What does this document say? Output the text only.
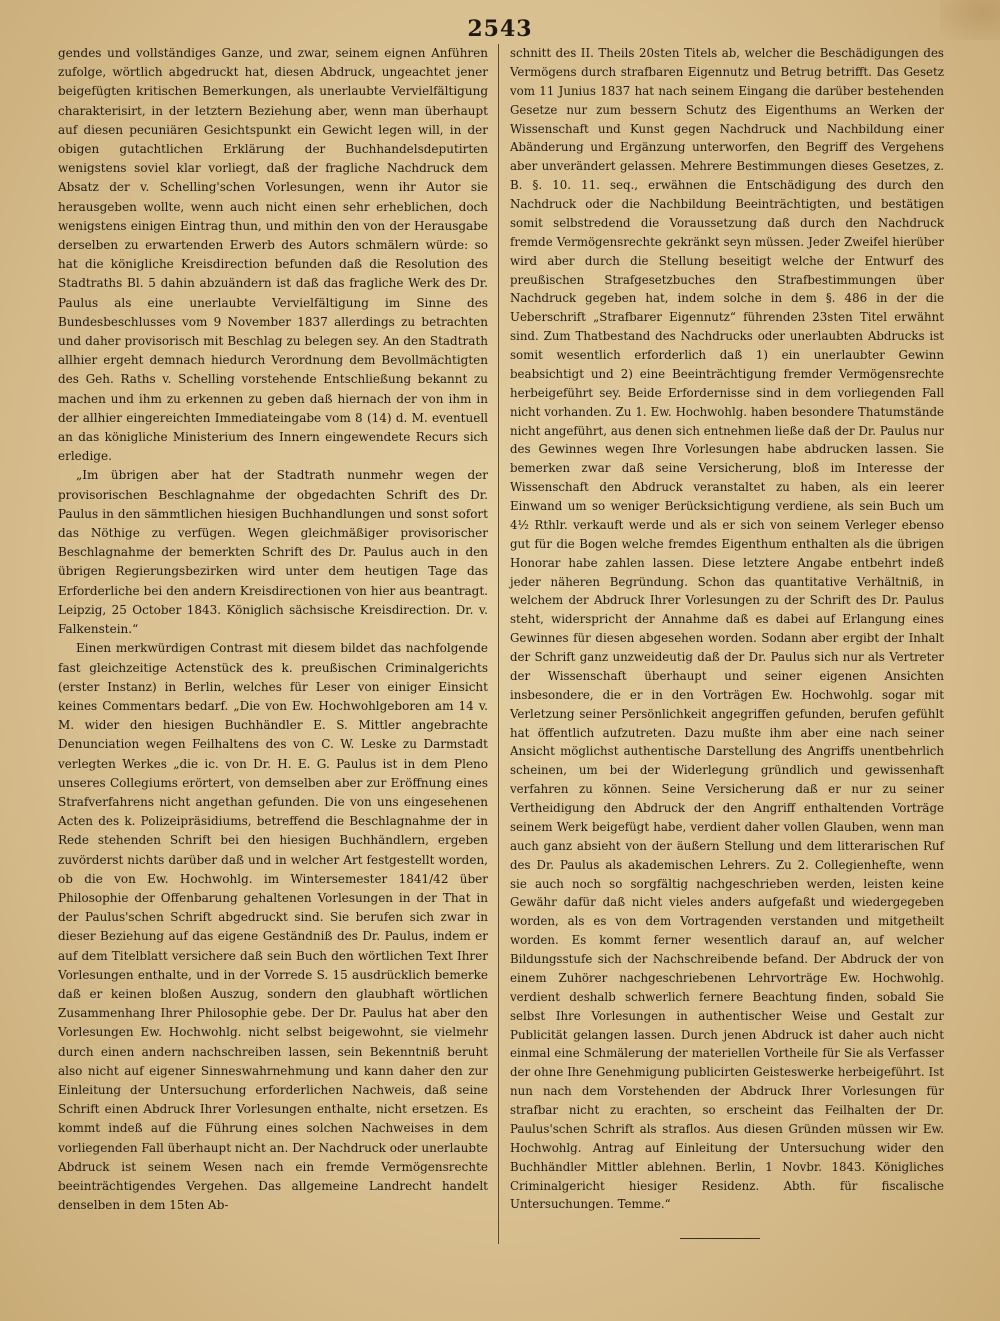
2543

gendes und vollständiges Ganze, und zwar, seinem eignen Anführen zufolge, wörtlich abgedruckt hat, diesen Abdruck, ungeachtet jener beigefügten kritischen Bemerkungen, als unerlaubte Vervielfältigung charakterisirt, in der letztern Beziehung aber, wenn man überhaupt auf diesen pecuniären Gesichtspunkt ein Gewicht legen will, in der obigen gutachtlichen Erklärung der Buchhandelsdeputirten wenigstens soviel klar vorliegt, daß der fragliche Nachdruck dem Absatz der v. Schelling'schen Vorlesungen, wenn ihr Autor sie herausgeben wollte, wenn auch nicht einen sehr erheblichen, doch wenigstens einigen Eintrag thun, und mithin den von der Herausgabe derselben zu erwartenden Erwerb des Autors schmälern würde: so hat die königliche Kreisdirection befunden daß die Resolution des Stadtraths Bl. 5 dahin abzuändern ist daß das fragliche Werk des Dr. Paulus als eine unerlaubte Vervielfältigung im Sinne des Bundesbeschlusses vom 9 November 1837 allerdings zu betrachten und daher provisorisch mit Beschlag zu belegen sey. An den Stadtrath allhier ergeht demnach hiedurch Verordnung dem Bevollmächtigten des Geh. Raths v. Schelling vorstehende Entschließung bekannt zu machen und ihm zu erkennen zu geben daß hiernach der von ihm in der allhier eingereichten Immediateingabe vom 8 (14) d. M. eventuell an das königliche Ministerium des Innern eingewendete Recurs sich erledige.

„Im übrigen aber hat der Stadtrath nunmehr wegen der provisorischen Beschlagnahme der obgedachten Schrift des Dr. Paulus in den sämmtlichen hiesigen Buchhandlungen und sonst sofort das Nöthige zu verfügen. Wegen gleichmäßiger provisorischer Beschlagnahme der bemerkten Schrift des Dr. Paulus auch in den übrigen Regierungsbezirken wird unter dem heutigen Tage das Erforderliche bei den andern Kreisdirectionen von hier aus beantragt. Leipzig, 25 October 1843. Königlich sächsische Kreisdirection. Dr. v. Falkenstein.“

Einen merkwürdigen Contrast mit diesem bildet das nachfolgende fast gleichzeitige Actenstück des k. preußischen Criminalgerichts (erster Instanz) in Berlin, welches für Leser von einiger Einsicht keines Commentars bedarf. „Die von Ew. Hochwohlgeboren am 14 v. M. wider den hiesigen Buchhändler E. S. Mittler angebrachte Denunciation wegen Feilhaltens des von C. W. Leske zu Darmstadt verlegten Werkes „die ic. von Dr. H. E. G. Paulus ist in dem Pleno unseres Collegiums erörtert, von demselben aber zur Eröffnung eines Strafverfahrens nicht angethan gefunden. Die von uns eingesehenen Acten des k. Polizeipräsidiums, betreffend die Beschlagnahme der in Rede stehenden Schrift bei den hiesigen Buchhändlern, ergeben zuvörderst nichts darüber daß und in welcher Art festgestellt worden, ob die von Ew. Hochwohlg. im Wintersemester 1841/42 über Philosophie der Offenbarung gehaltenen Vorlesungen in der That in der Paulus'schen Schrift abgedruckt sind. Sie berufen sich zwar in dieser Beziehung auf das eigene Geständniß des Dr. Paulus, indem er auf dem Titelblatt versichere daß sein Buch den wörtlichen Text Ihrer Vorlesungen enthalte, und in der Vorrede S. 15 ausdrücklich bemerke daß er keinen bloßen Auszug, sondern den glaubhaft wörtlichen Zusammenhang Ihrer Philosophie gebe. Der Dr. Paulus hat aber den Vorlesungen Ew. Hochwohlg. nicht selbst beigewohnt, sie vielmehr durch einen andern nachschreiben lassen, sein Bekenntniß beruht also nicht auf eigener Sinneswahrnehmung und kann daher den zur Einleitung der Untersuchung erforderlichen Nachweis, daß seine Schrift einen Abdruck Ihrer Vorlesungen enthalte, nicht ersetzen. Es kommt indeß auf die Führung eines solchen Nachweises in dem vorliegenden Fall überhaupt nicht an. Der Nachdruck oder unerlaubte Abdruck ist seinem Wesen nach ein fremde Vermögensrechte beeinträchtigendes Vergehen. Das allgemeine Landrecht handelt denselben in dem 15ten Ab-

schnitt des II. Theils 20sten Titels ab, welcher die Beschädigungen des Vermögens durch strafbaren Eigennutz und Betrug betrifft. Das Gesetz vom 11 Junius 1837 hat nach seinem Eingang die darüber bestehenden Gesetze nur zum bessern Schutz des Eigenthums an Werken der Wissenschaft und Kunst gegen Nachdruck und Nachbildung einer Abänderung und Ergänzung unterworfen, den Begriff des Vergehens aber unverändert gelassen. Mehrere Bestimmungen dieses Gesetzes, z. B. §. 10. 11. seq., erwähnen die Entschädigung des durch den Nachdruck oder die Nachbildung Beeinträchtigten, und bestätigen somit selbstredend die Voraussetzung daß durch den Nachdruck fremde Vermögensrechte gekränkt seyn müssen. Jeder Zweifel hierüber wird aber durch die Stellung beseitigt welche der Entwurf des preußischen Strafgesetzbuches den Strafbestimmungen über Nachdruck gegeben hat, indem solche in dem §. 486 in der die Ueberschrift „Strafbarer Eigennutz“ führenden 23sten Titel erwähnt sind. Zum Thatbestand des Nachdrucks oder unerlaubten Abdrucks ist somit wesentlich erforderlich daß 1) ein unerlaubter Gewinn beabsichtigt und 2) eine Beeinträchtigung fremder Vermögensrechte herbeigeführt sey. Beide Erfordernisse sind in dem vorliegenden Fall nicht vorhanden. Zu 1. Ew. Hochwohlg. haben besondere Thatumstände nicht angeführt, aus denen sich entnehmen ließe daß der Dr. Paulus nur des Gewinnes wegen Ihre Vorlesungen habe abdrucken lassen. Sie bemerken zwar daß seine Versicherung, bloß im Interesse der Wissenschaft den Abdruck veranstaltet zu haben, als ein leerer Einwand um so weniger Berücksichtigung verdiene, als sein Buch um 4½ Rthlr. verkauft werde und als er sich von seinem Verleger ebenso gut für die Bogen welche fremdes Eigenthum enthalten als die übrigen Honorar habe zahlen lassen. Diese letztere Angabe entbehrt indeß jeder näheren Begründung. Schon das quantitative Verhältniß, in welchem der Abdruck Ihrer Vorlesungen zu der Schrift des Dr. Paulus steht, widerspricht der Annahme daß es dabei auf Erlangung eines Gewinnes für diesen abgesehen worden. Sodann aber ergibt der Inhalt der Schrift ganz unzweideutig daß der Dr. Paulus sich nur als Vertreter der Wissenschaft überhaupt und seiner eigenen Ansichten insbesondere, die er in den Vorträgen Ew. Hochwohlg. sogar mit Verletzung seiner Persönlichkeit angegriffen gefunden, berufen gefühlt hat öffentlich aufzutreten. Dazu mußte ihm aber eine nach seiner Ansicht möglichst authentische Darstellung des Angriffs unentbehrlich scheinen, um bei der Widerlegung gründlich und gewissenhaft verfahren zu können. Seine Versicherung daß er nur zu seiner Vertheidigung den Abdruck der den Angriff enthaltenden Vorträge seinem Werk beigefügt habe, verdient daher vollen Glauben, wenn man auch ganz absieht von der äußern Stellung und dem litterarischen Ruf des Dr. Paulus als akademischen Lehrers. Zu 2. Collegienhefte, wenn sie auch noch so sorgfältig nachgeschrieben werden, leisten keine Gewähr dafür daß nicht vieles anders aufgefaßt und wiedergegeben worden, als es von dem Vortragenden verstanden und mitgetheilt worden. Es kommt ferner wesentlich darauf an, auf welcher Bildungsstufe sich der Nachschreibende befand. Der Abdruck der von einem Zuhörer nachgeschriebenen Lehrvorträge Ew. Hochwohlg. verdient deshalb schwerlich fernere Beachtung finden, sobald Sie selbst Ihre Vorlesungen in authentischer Weise und Gestalt zur Publicität gelangen lassen. Durch jenen Abdruck ist daher auch nicht einmal eine Schmälerung der materiellen Vortheile für Sie als Verfasser der ohne Ihre Genehmigung publicirten Geisteswerke herbeigeführt. Ist nun nach dem Vorstehenden der Abdruck Ihrer Vorlesungen für strafbar nicht zu erachten, so erscheint das Feilhalten der Dr. Paulus'schen Schrift als straflos. Aus diesen Gründen müssen wir Ew. Hochwohlg. Antrag auf Einleitung der Untersuchung wider den Buchhändler Mittler ablehnen. Berlin, 1 Novbr. 1843. Königliches Criminalgericht hiesiger Residenz. Abth. für fiscalische Untersuchungen. Temme.“
